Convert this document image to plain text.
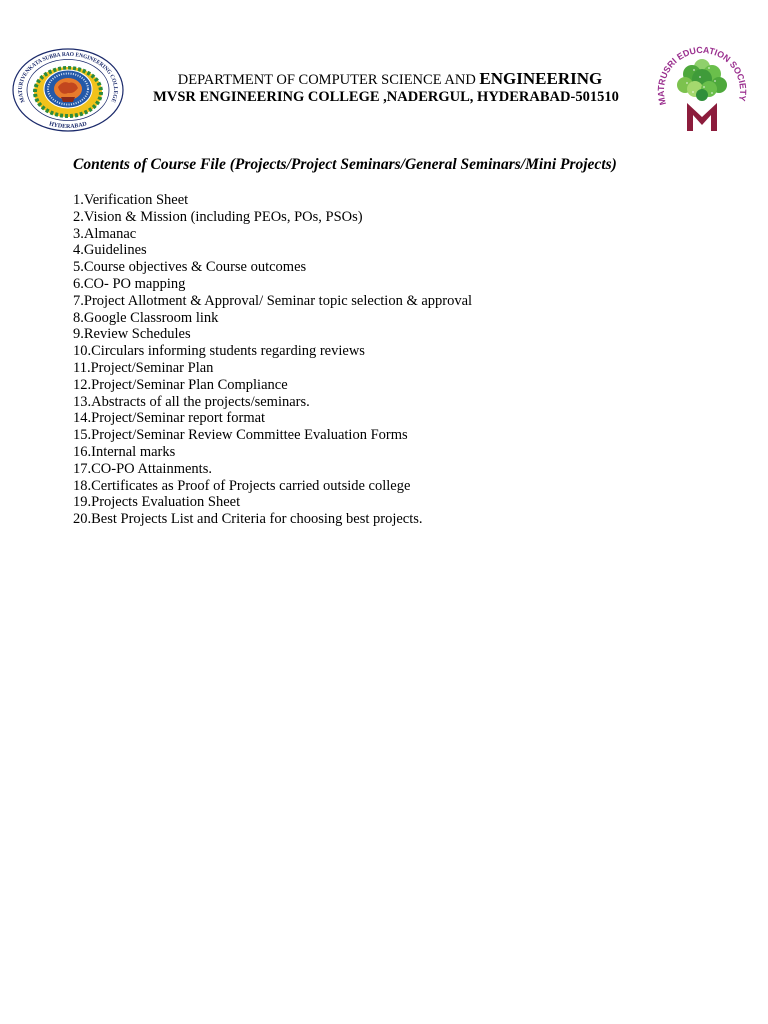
MATURIVENKATA SUBBA RAO ENGINEERING COLLEGE
HYDERABAD
DEPARTMENT OF COMPUTER SCIENCE AND ENGINEERING
MVSR ENGINEERING COLLEGE ,NADERGUL, HYDERABAD-501510	MATRUSRI EDUCATION SOCIETY
Contents of Course File (Projects/Project Seminars/General Seminars/Mini Projects)
1.Verification Sheet
2.Vision & Mission (including PEOs, POs, PSOs)
3.Almanac
4.Guidelines
5.Course objectives & Course outcomes
6.CO- PO mapping
7.Project Allotment & Approval/ Seminar topic selection & approval
8.Google Classroom link
9.Review Schedules
10.Circulars informing students regarding reviews
11.Project/Seminar Plan
12.Project/Seminar Plan Compliance
13.Abstracts of all the projects/seminars.
14.Project/Seminar report format
15.Project/Seminar Review Committee Evaluation Forms
16.Internal marks
17.CO-PO Attainments.
18.Certificates as Proof of Projects carried outside college
19.Projects Evaluation Sheet
20.Best Projects List and Criteria for choosing best projects.
